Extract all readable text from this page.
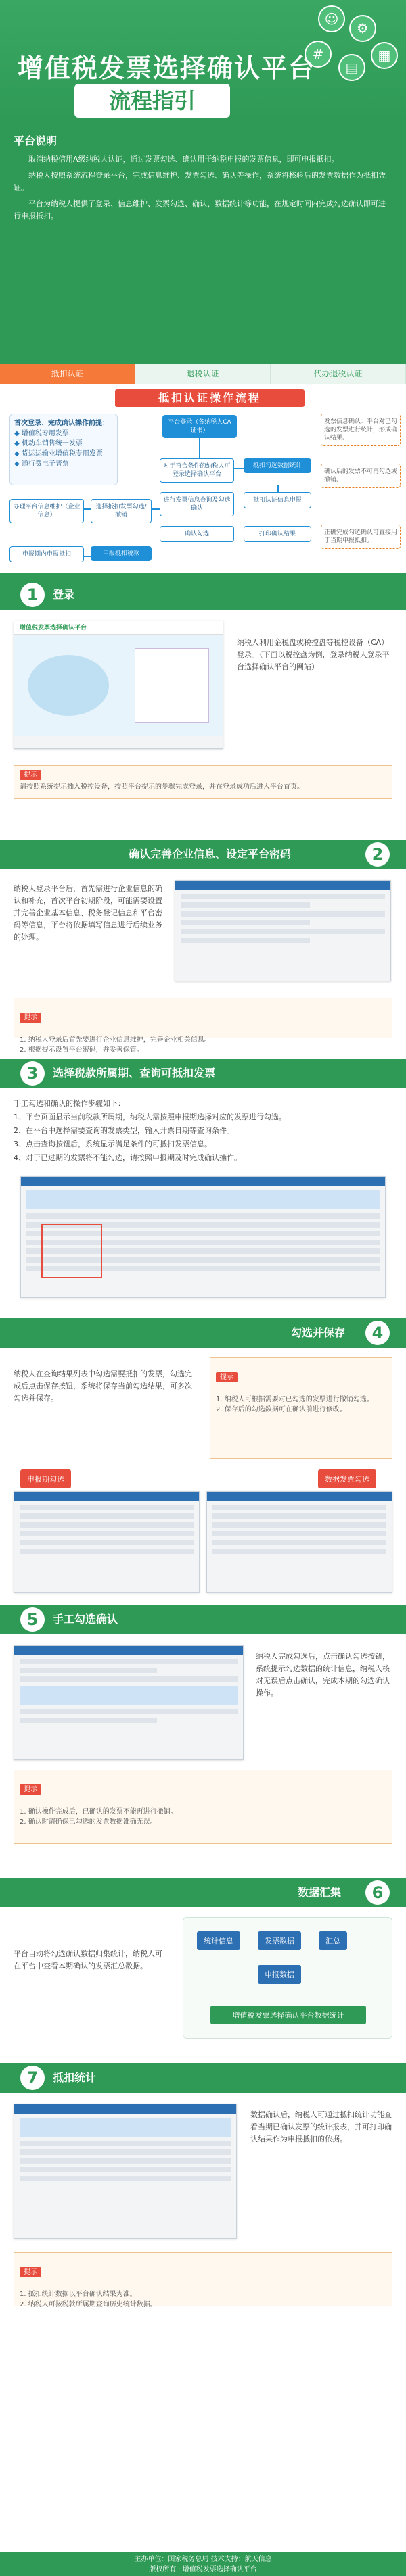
☺
⚙
▦
▤
#
增值税发票选择确认平台
流程指引
平台说明

取消纳税信用A级纳税人认证，通过发票勾选、确认用于纳税申报的发票信息，即可申报抵扣。

纳税人按照系统流程登录平台，完成信息维护、发票勾选、确认等操作，系统将核验后的发票数据作为抵扣凭证。

平台为纳税人提供了登录、信息维护、发票勾选、确认、数据统计等功能，在规定时间内完成勾选确认即可进行申报抵扣。

抵扣认证	退税认证	代办退税认证
抵扣认证操作流程
首次登录、完成确认操作前提：
◆ 增值税专用发票
◆ 机动车销售统一发票
◆ 货运运输业增值税专用发票
◆ 通行费电子普票
平台登录（各纳税人CA证书）
办理平台信息维护（企业信息）
选择抵扣发票勾选/撤销
对于符合条件的纳税人可登录选择确认平台
进行发票信息查询及勾选确认
确认勾选
抵扣勾选数据统计
抵扣认证信息申报
打印确认结果
申报抵扣税款
申报期内申报抵扣
发票信息确认：平台对已勾选的发票进行统计，形成确认结果。
确认后的发票不可再勾选或撤销。
正确完成勾选确认可直接用于当期申报抵扣。
1	登录
增值税发票选择确认平台
纳税人利用金税盘或税控盘等税控设备（CA）登录。（下面以税控盘为例，登录纳税人登录平台选择确认平台的网站）
提示
请按照系统提示插入税控设备，按照平台提示的步骤完成登录，并在登录成功后进入平台首页。
2
确认完善企业信息、设定平台密码
纳税人登录平台后，首先需进行企业信息的确认和补充，首次平台初期阶段，可能需要设置并完善企业基本信息、税务登记信息和平台密码等信息，平台将依据填写信息进行后续业务的处理。

提示

1. 纳税人登录后首先要进行企业信息维护，完善企业相关信息。
2. 根据提示设置平台密码，并妥善保管。

3	选择税款所属期、查询可抵扣发票
手工勾选和确认的操作步骤如下：
1、平台页面显示当前税款所属期，纳税人需按照申报期选择对应的发票进行勾选。
2、在平台中选择需要查询的发票类型，输入开票日期等查询条件。
3、点击查询按钮后，系统显示满足条件的可抵扣发票信息。
4、对于已过期的发票将不能勾选，请按照申报期及时完成确认操作。
4
勾选并保存
纳税人在查询结果列表中勾选需要抵扣的发票，勾选完成后点击保存按钮，系统将保存当前勾选结果，可多次勾选并保存。

提示

1. 纳税人可根据需要对已勾选的发票进行撤销勾选。
2. 保存后的勾选数据可在确认前进行修改。

申报期勾选	数据发票勾选
5	手工勾选确认
纳税人完成勾选后，点击确认勾选按钮，系统提示勾选数据的统计信息，纳税人核对无误后点击确认，完成本期的勾选确认操作。

提示

1. 确认操作完成后，已确认的发票不能再进行撤销。
2. 确认时请确保已勾选的发票数据准确无误。

6
数据汇集
平台自动将勾选确认数据归集统计，纳税人可在平台中查看本期确认的发票汇总数据。
统计信息	发票数据	汇总
申报数据
增值税发票选择确认平台数据统计
7	抵扣统计
数据确认后，纳税人可通过抵扣统计功能查看当期已确认发票的统计报表，并可打印确认结果作为申报抵扣的依据。

提示

1. 抵扣统计数据以平台确认结果为准。
2. 纳税人可按税款所属期查询历史统计数据。

主办单位：国家税务总局 技术支持：航天信息
版权所有 · 增值税发票选择确认平台
